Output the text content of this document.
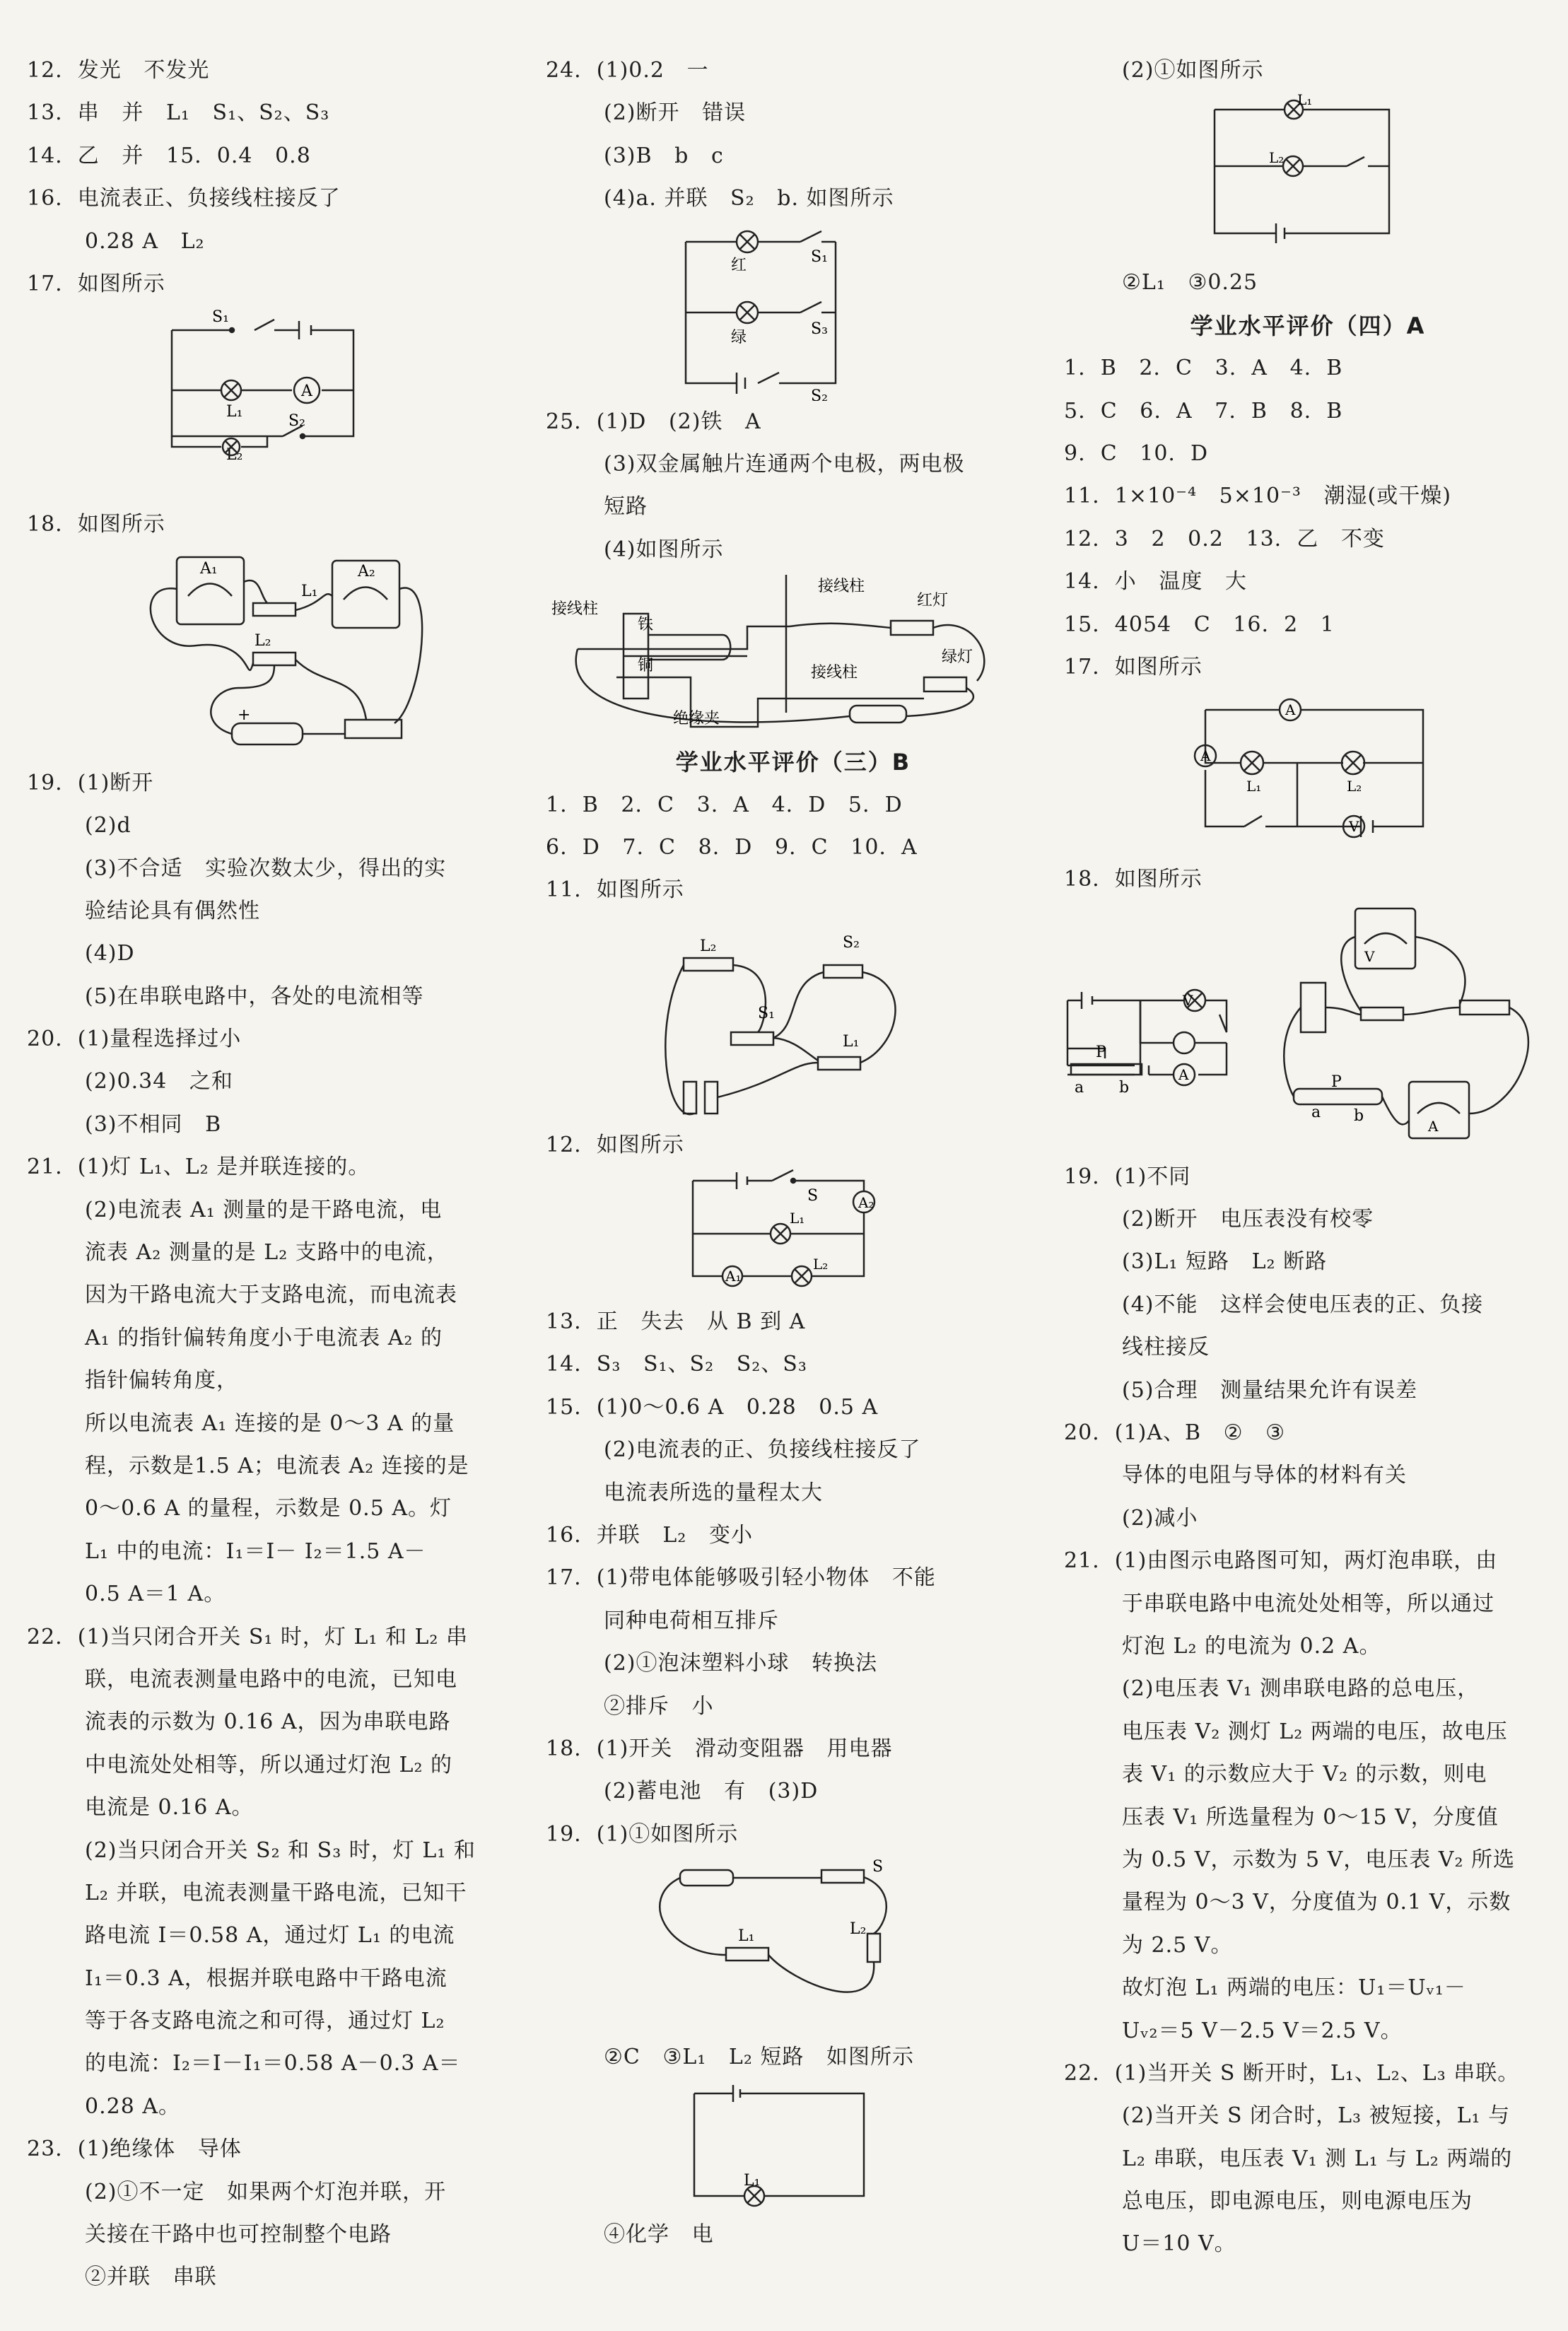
12.  发光   不发光
13.  串   并   L₁   S₁、S₂、S₃
14.  乙   并   15.  0.4   0.8
16.  电流表正、负接线柱接反了
0.28 A   L₂
17.  如图所示
S₁
A
L₁
S₂
L₂
18.  如图所示
A₁	A₂
L₁
L₂
+
19.  (1)断开
(2)d
(3)不合适   实验次数太少，得出的实
验结论具有偶然性
(4)D
(5)在串联电路中，各处的电流相等
20.  (1)量程选择过小
(2)0.34   之和
(3)不相同   B
21.  (1)灯 L₁、L₂ 是并联连接的。
(2)电流表 A₁ 测量的是干路电流，电
流表 A₂ 测量的是 L₂ 支路中的电流，
因为干路电流大于支路电流，而电流表
A₁ 的指针偏转角度小于电流表 A₂ 的
指针偏转角度，
所以电流表 A₁ 连接的是 0～3 A 的量
程，示数是1.5 A；电流表 A₂ 连接的是
0～0.6 A 的量程，示数是 0.5 A。灯
L₁ 中的电流：I₁＝I－ I₂＝1.5 A－
0.5 A＝1 A。
22.  (1)当只闭合开关 S₁ 时，灯 L₁ 和 L₂ 串
联，电流表测量电路中的电流，已知电
流表的示数为 0.16 A，因为串联电路
中电流处处相等，所以通过灯泡 L₂ 的
电流是 0.16 A。
(2)当只闭合开关 S₂ 和 S₃ 时，灯 L₁ 和
L₂ 并联，电流表测量干路电流，已知干
路电流 I＝0.58 A，通过灯 L₁ 的电流
I₁＝0.3 A，根据并联电路中干路电流
等于各支路电流之和可得，通过灯 L₂
的电流：I₂＝I－I₁＝0.58 A－0.3 A＝
0.28 A。
23.  (1)绝缘体   导体
(2)①不一定   如果两个灯泡并联，开
关接在干路中也可控制整个电路
②并联   串联
24.  (1)0.2   一
(2)断开   错误
(3)B   b   c
(4)a. 并联   S₂   b. 如图所示
红	S₁
绿	S₃
S₂
25.  (1)D   (2)铁   A
(3)双金属触片连通两个电极，两电极
短路
(4)如图所示
接线柱
接线柱
铁
铜	接线柱
红灯
绿灯
绝缘夹
学业水平评价（三）B
1.  B   2.  C   3.  A   4.  D   5.  D
6.  D   7.  C   8.  D   9.  C   10.  A
11.  如图所示
L₂	S₂
S₁
L₁
12.  如图所示
S	A₂
L₁
A₁
L₂
13.  正   失去   从 B 到 A
14.  S₃   S₁、S₂   S₂、S₃
15.  (1)0～0.6 A   0.28   0.5 A
(2)电流表的正、负接线柱接反了
电流表所选的量程太大
16.  并联   L₂   变小
17.  (1)带电体能够吸引轻小物体   不能
同种电荷相互排斥
(2)①泡沫塑料小球   转换法
②排斥   小
18.  (1)开关   滑动变阻器   用电器
(2)蓄电池   有   (3)D
19.  (1)①如图所示
S
L₁	L₂
②C   ③L₁   L₂ 短路   如图所示
L₁
④化学   电
(2)①如图所示
L₁
L₂
②L₁   ③0.25
学业水平评价（四）A
1.  B   2.  C   3.  A   4.  B
5.  C   6.  A   7.  B   8.  B
9.  C   10.  D
11.  1×10⁻⁴   5×10⁻³   潮湿(或干燥)
12.  3   2   0.2   13.  乙   不变
14.  小   温度   大
15.  4054   C   16.  2   1
17.  如图所示
A
A
L₁	L₂
V
18.  如图所示
V
A
P
a b
V
P
a b
A
19.  (1)不同
(2)断开   电压表没有校零
(3)L₁ 短路   L₂ 断路
(4)不能   这样会使电压表的正、负接
线柱接反
(5)合理   测量结果允许有误差
20.  (1)A、B   ②   ③
导体的电阻与导体的材料有关
(2)减小
21.  (1)由图示电路图可知，两灯泡串联，由
于串联电路中电流处处相等，所以通过
灯泡 L₂ 的电流为 0.2 A。
(2)电压表 V₁ 测串联电路的总电压，
电压表 V₂ 测灯 L₂ 两端的电压，故电压
表 V₁ 的示数应大于 V₂ 的示数，则电
压表 V₁ 所选量程为 0～15 V，分度值
为 0.5 V，示数为 5 V，电压表 V₂ 所选
量程为 0～3 V，分度值为 0.1 V，示数
为 2.5 V。
故灯泡 L₁ 两端的电压：U₁＝Uᵥ₁－
Uᵥ₂＝5 V－2.5 V＝2.5 V。
22.  (1)当开关 S 断开时，L₁、L₂、L₃ 串联。
(2)当开关 S 闭合时，L₃ 被短接，L₁ 与
L₂ 串联，电压表 V₁ 测 L₁ 与 L₂ 两端的
总电压，即电源电压，则电源电压为
U＝10 V。
